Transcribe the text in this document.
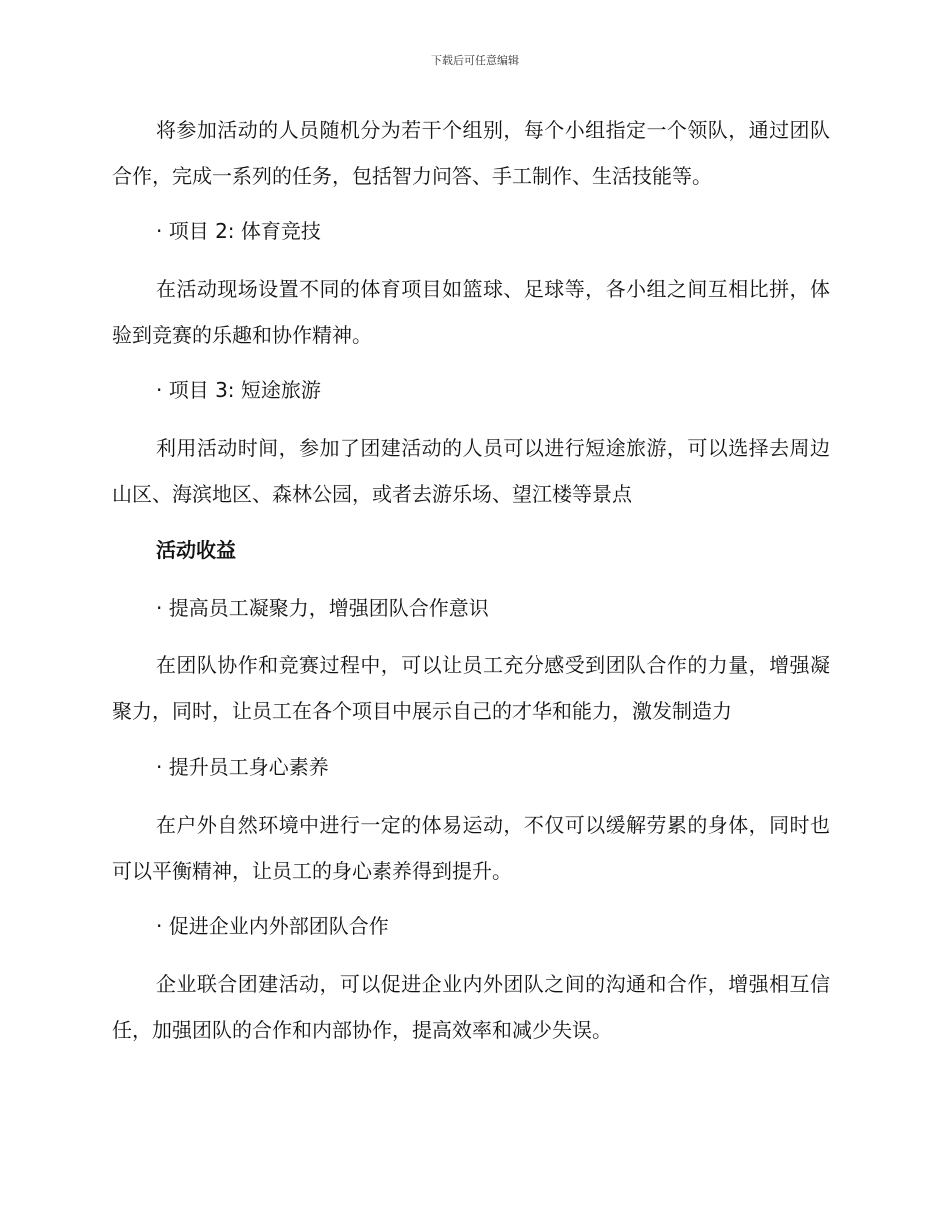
下载后可任意编辑

将参加活动的人员随机分为若干个组别，每个小组指定一个领队，通过团队合作，完成一系列的任务，包括智力问答、手工制作、生活技能等。

· 项目 2: 体育竞技

在活动现场设置不同的体育项目如篮球、足球等，各小组之间互相比拼，体验到竞赛的乐趣和协作精神。

· 项目 3: 短途旅游

利用活动时间，参加了团建活动的人员可以进行短途旅游，可以选择去周边山区、海滨地区、森林公园，或者去游乐场、望江楼等景点

活动收益

· 提高员工凝聚力，增强团队合作意识

在团队协作和竞赛过程中，可以让员工充分感受到团队合作的力量，增强凝聚力，同时，让员工在各个项目中展示自己的才华和能力，激发制造力

· 提升员工身心素养

在户外自然环境中进行一定的体易运动，不仅可以缓解劳累的身体，同时也可以平衡精神，让员工的身心素养得到提升。

· 促进企业内外部团队合作

企业联合团建活动，可以促进企业内外团队之间的沟通和合作，增强相互信任，加强团队的合作和内部协作，提高效率和减少失误。
